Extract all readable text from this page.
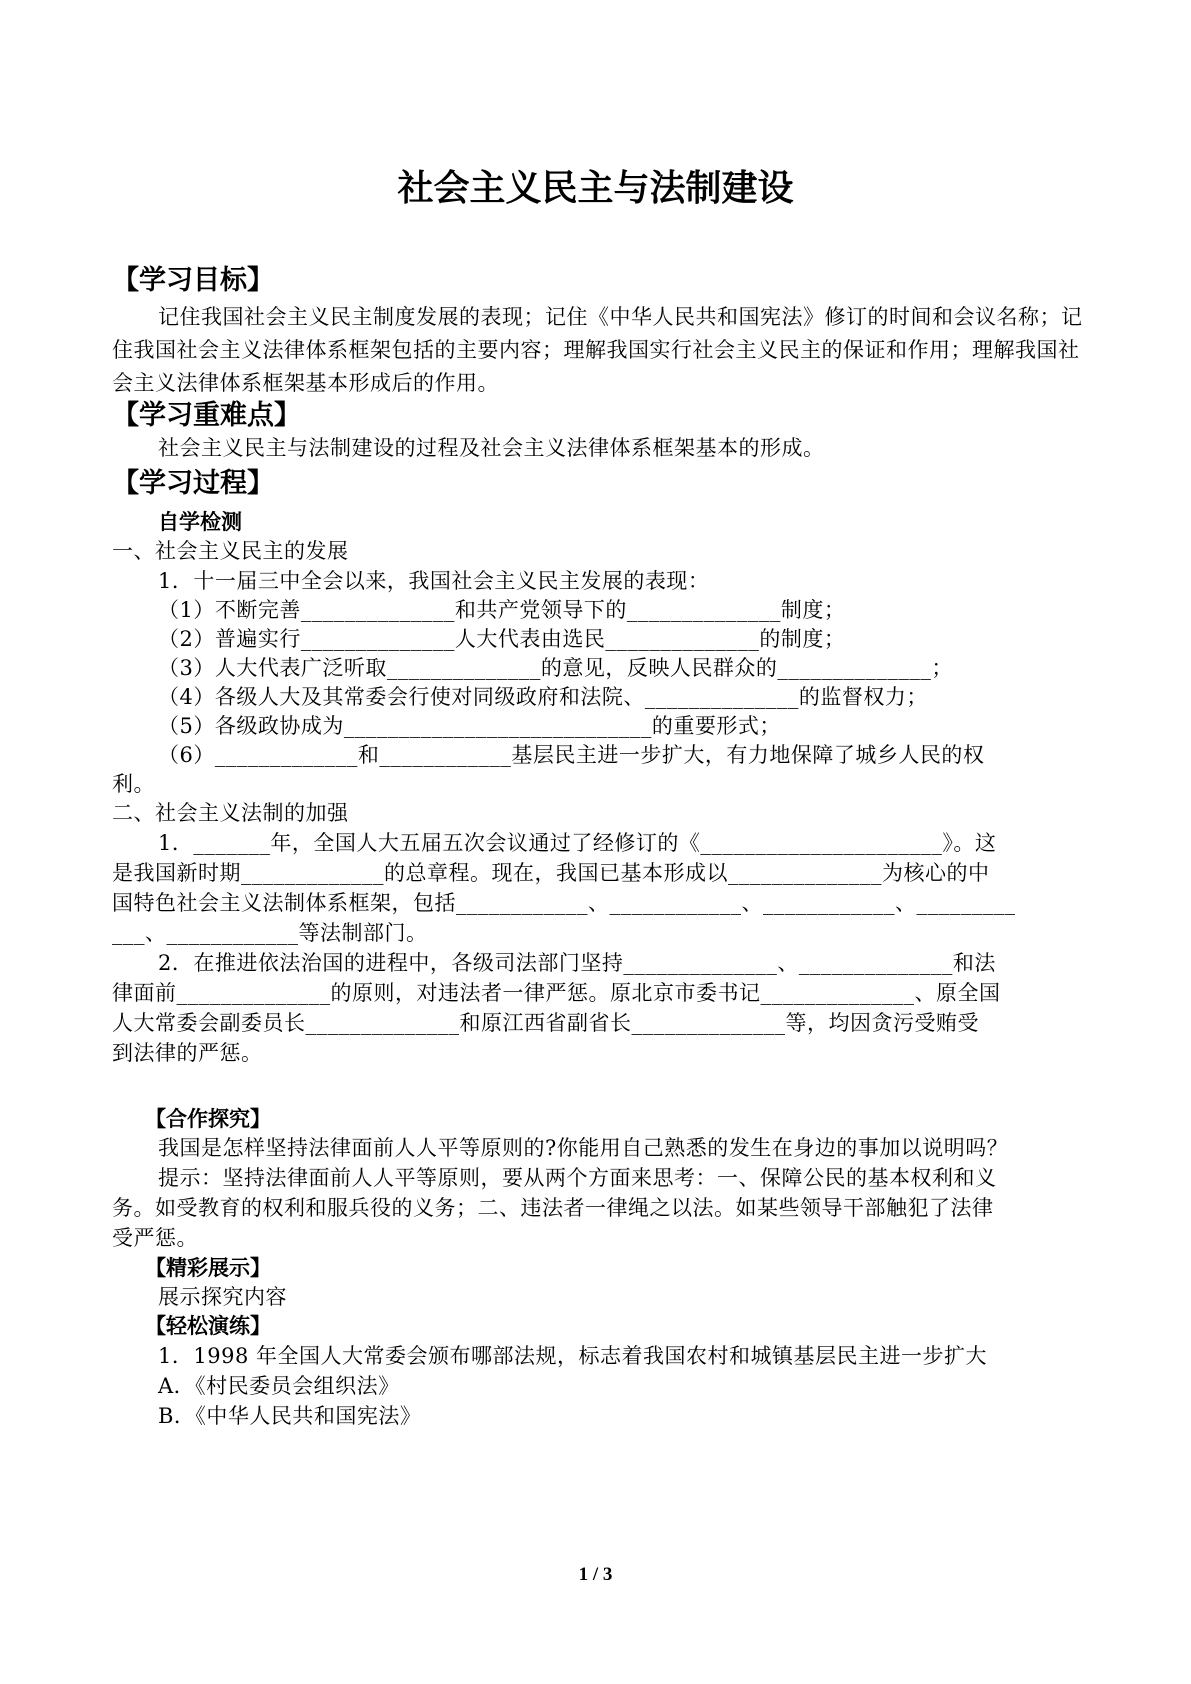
社会主义民主与法制建设
【学习目标】

记住我国社会主义民主制度发展的表现；记住《中华人民共和国宪法》修订的时间和会议名称；记住我国社会主义法律体系框架包括的主要内容；理解我国实行社会主义民主的保证和作用；理解我国社会主义法律体系框架基本形成后的作用。

【学习重难点】

社会主义民主与法制建设的过程及社会主义法律体系框架基本的形成。

【学习过程】
自学检测

一、社会主义民主的发展

1．十一届三中全会以来，我国社会主义民主发展的表现：

（1）不断完善______________和共产党领导下的______________制度；

（2）普遍实行______________人大代表由选民______________的制度；

（3）人大代表广泛听取______________的意见，反映人民群众的______________；

（4）各级人大及其常委会行使对同级政府和法院、______________的监督权力；

（5）各级政协成为____________________________的重要形式；

（6）_____________和____________基层民主进一步扩大，有力地保障了城乡人民的权

利。

二、社会主义法制的加强

1．_______年，全国人大五届五次会议通过了经修订的《______________________》。这

是我国新时期_____________的总章程。现在，我国已基本形成以______________为核心的中

国特色社会主义法制体系框架，包括____________、____________、____________、_________

___、____________等法制部门。

2．在推进依法治国的进程中，各级司法部门坚持______________、______________和法

律面前______________的原则，对违法者一律严惩。原北京市委书记______________、原全国

人大常委会副委员长______________和原江西省副省长______________等，均因贪污受贿受

到法律的严惩。

【合作探究】

我国是怎样坚持法律面前人人平等原则的?你能用自己熟悉的发生在身边的事加以说明吗？

提示：坚持法律面前人人平等原则，要从两个方面来思考：一、保障公民的基本权利和义

务。如受教育的权利和服兵役的义务；二、违法者一律绳之以法。如某些领导干部触犯了法律

受严惩。

【精彩展示】

展示探究内容

【轻松演练】

1．1998 年全国人大常委会颁布哪部法规，标志着我国农村和城镇基层民主进一步扩大

A．《村民委员会组织法》

B．《中华人民共和国宪法》

1 / 3
